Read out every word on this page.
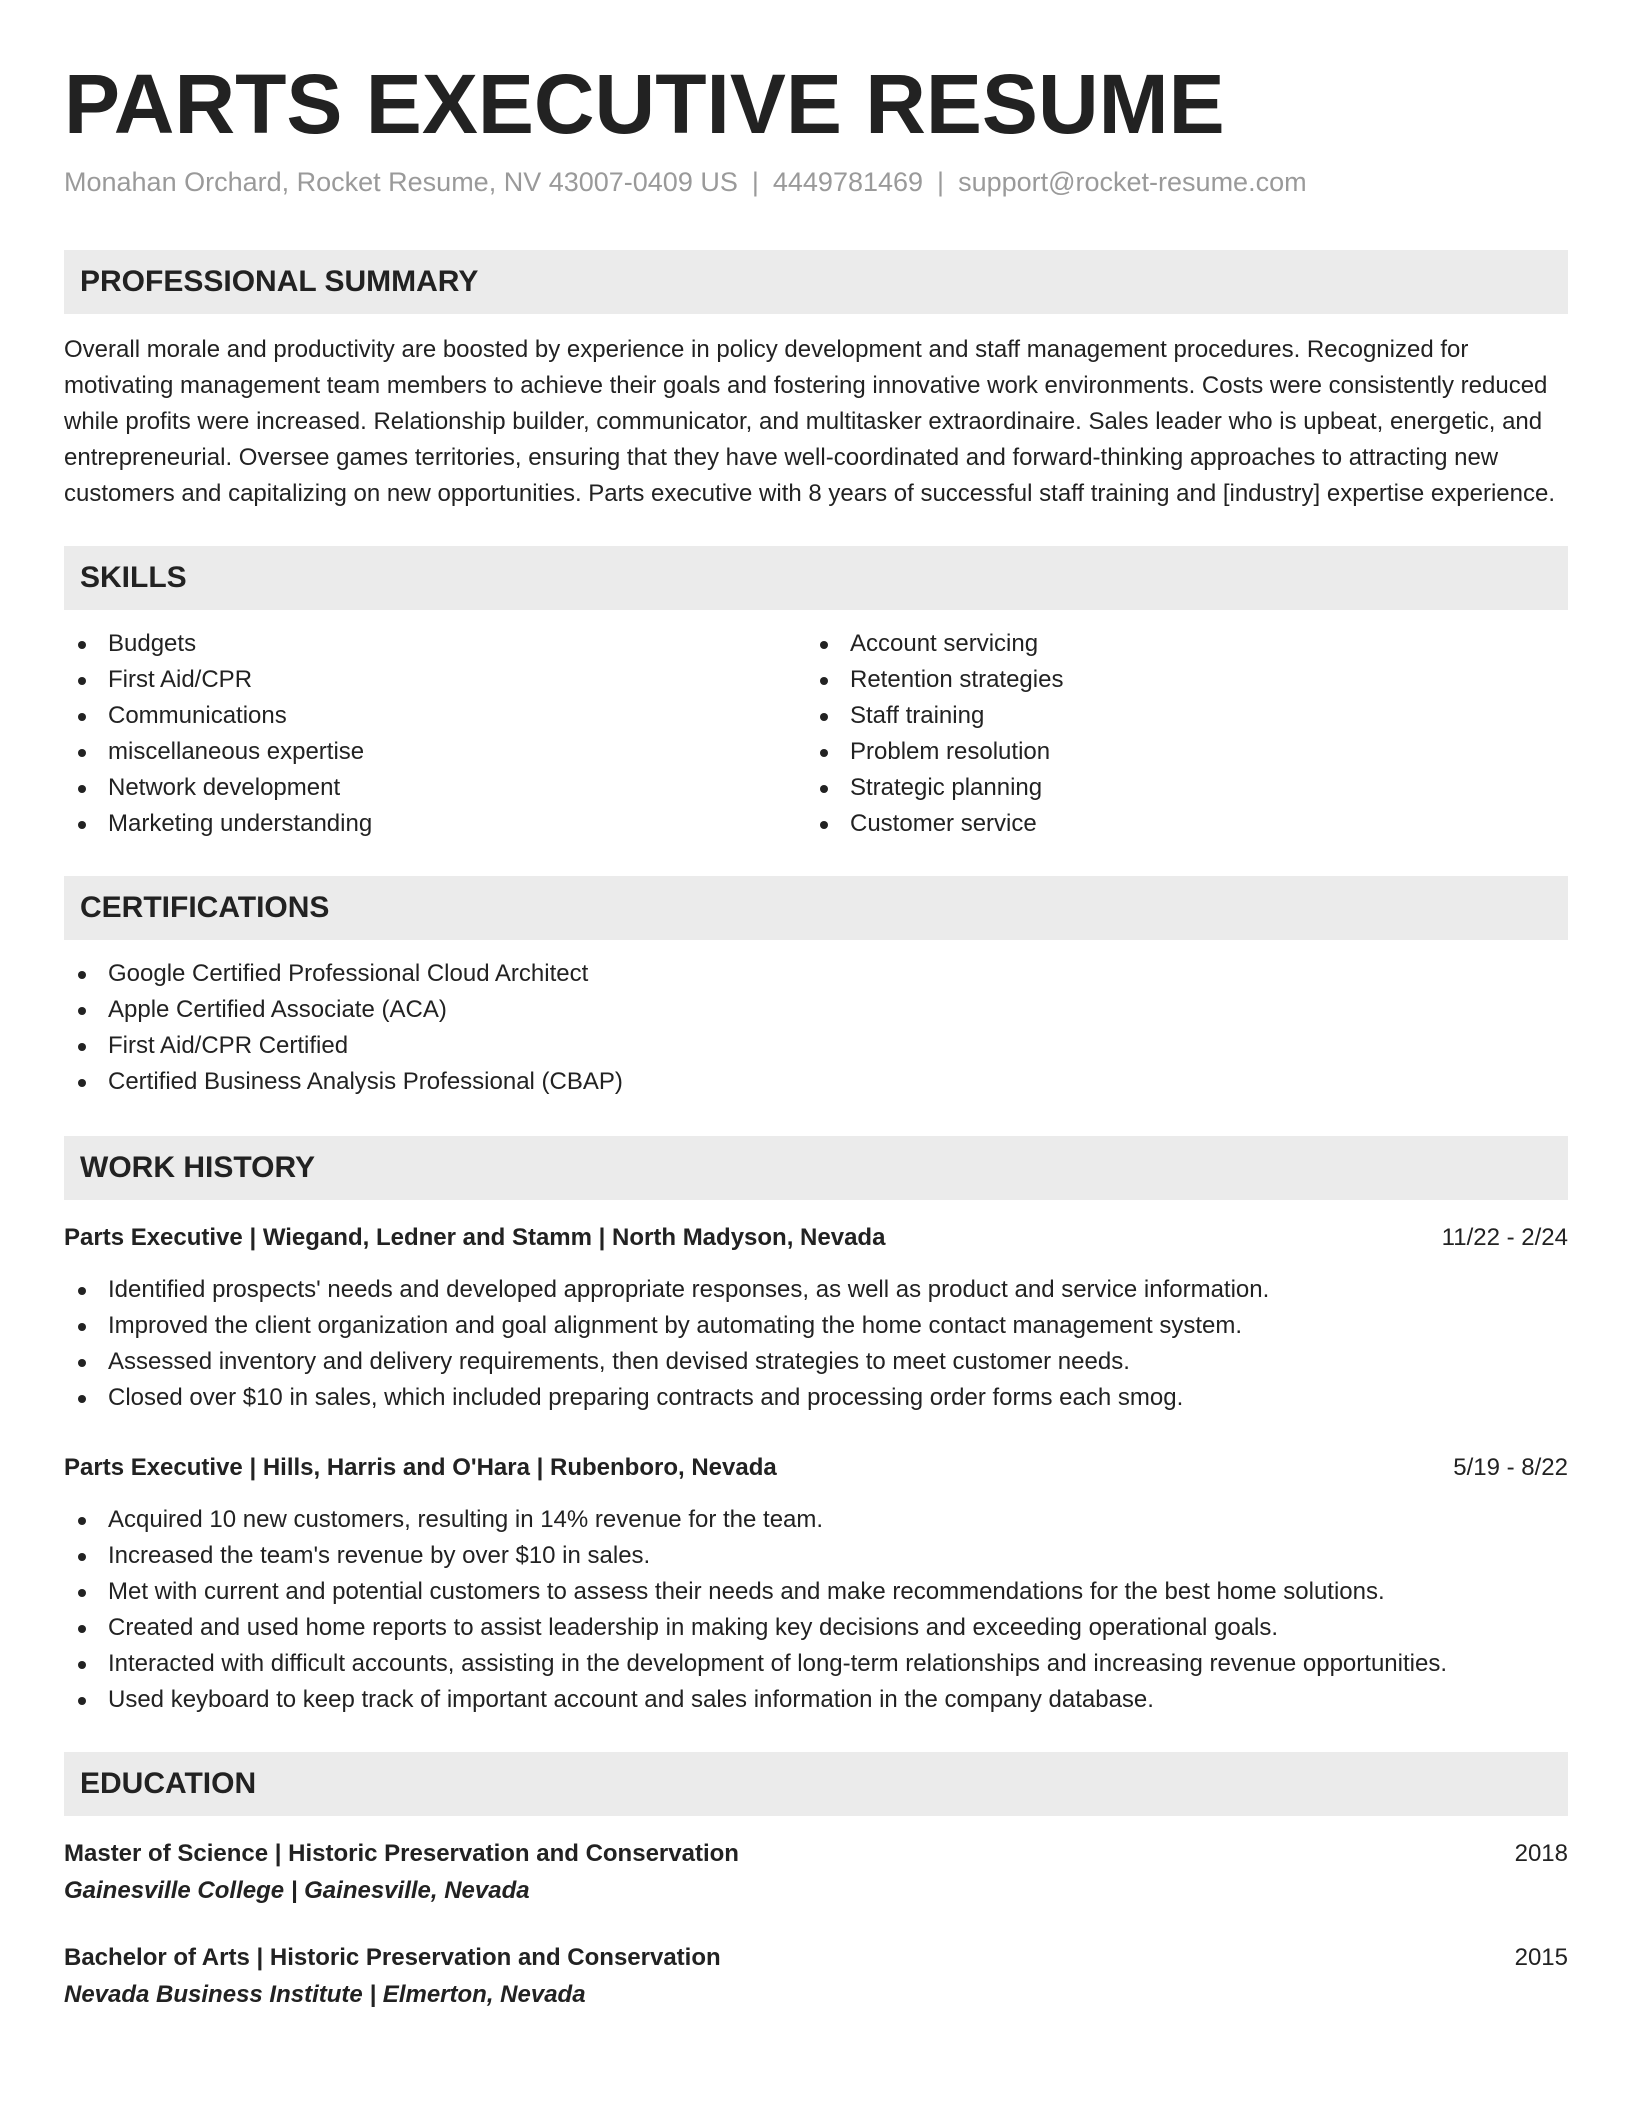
PARTS EXECUTIVE RESUME
Monahan Orchard, Rocket Resume, NV 43007-0409 US | 4449781469 | support@rocket-resume.com
PROFESSIONAL SUMMARY

Overall morale and productivity are boosted by experience in policy development and staff management procedures. Recognized for motivating management team members to achieve their goals and fostering innovative work environments. Costs were consistently reduced while profits were increased. Relationship builder, communicator, and multitasker extraordinaire. Sales leader who is upbeat, energetic, and entrepreneurial. Oversee games territories, ensuring that they have well-coordinated and forward-thinking approaches to attracting new customers and capitalizing on new opportunities. Parts executive with 8 years of successful staff training and [industry] expertise experience.

SKILLS
Budgets
First Aid/CPR
Communications
miscellaneous expertise
Network development
Marketing understanding
Account servicing
Retention strategies
Staff training
Problem resolution
Strategic planning
Customer service
CERTIFICATIONS
Google Certified Professional Cloud Architect
Apple Certified Associate (ACA)
First Aid/CPR Certified
Certified Business Analysis Professional (CBAP)
WORK HISTORY
Parts Executive | Wiegand, Ledner and Stamm | North Madyson, Nevada	11/22 - 2/24
Identified prospects' needs and developed appropriate responses, as well as product and service information.
Improved the client organization and goal alignment by automating the home contact management system.
Assessed inventory and delivery requirements, then devised strategies to meet customer needs.
Closed over $10 in sales, which included preparing contracts and processing order forms each smog.
Parts Executive | Hills, Harris and O'Hara | Rubenboro, Nevada	5/19 - 8/22
Acquired 10 new customers, resulting in 14% revenue for the team.
Increased the team's revenue by over $10 in sales.
Met with current and potential customers to assess their needs and make recommendations for the best home solutions.
Created and used home reports to assist leadership in making key decisions and exceeding operational goals.
Interacted with difficult accounts, assisting in the development of long-term relationships and increasing revenue opportunities.
Used keyboard to keep track of important account and sales information in the company database.
EDUCATION
Master of Science | Historic Preservation and Conservation	2018
Gainesville College | Gainesville, Nevada
Bachelor of Arts | Historic Preservation and Conservation	2015
Nevada Business Institute | Elmerton, Nevada
